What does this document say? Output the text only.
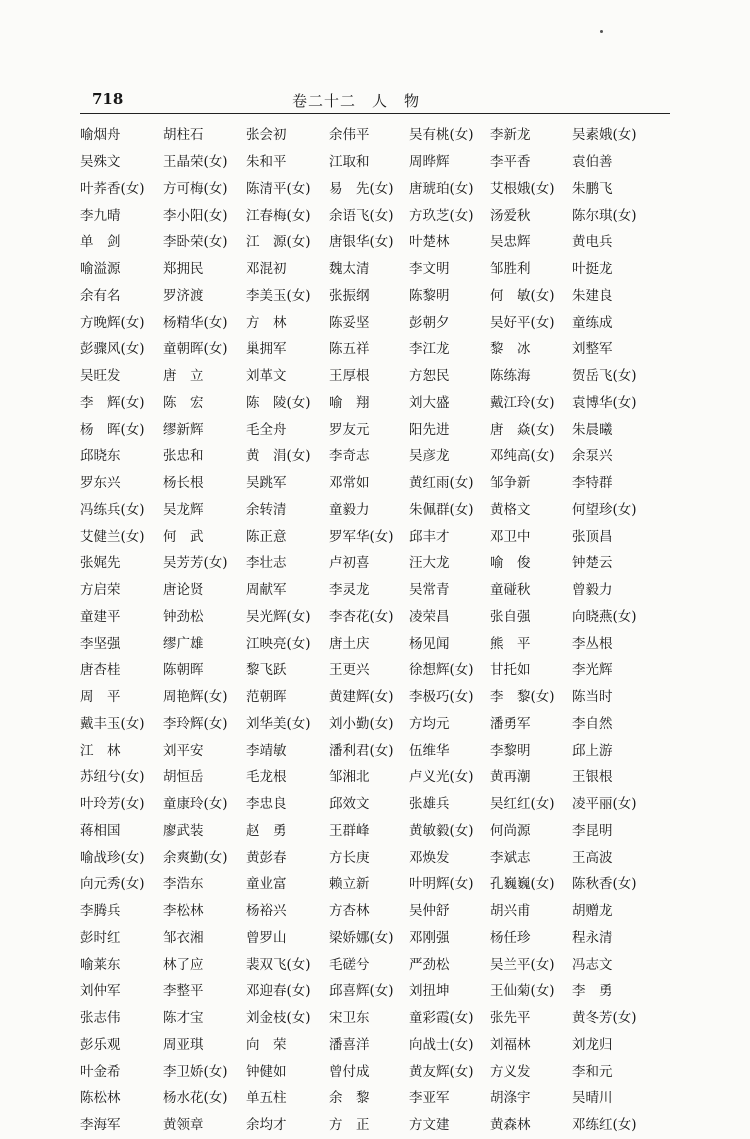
718	卷二十二　人　物
喻烟舟	胡柱石	张会初	余伟平	吴有桃(女)	李新龙	吴素娥(女)
吴殊文	王晶荣(女)	朱和平	江取和	周晔辉	李平香	袁伯善
叶荞香(女)	方可梅(女)	陈清平(女)	易　先(女)	唐琥珀(女)	艾根娥(女)	朱鹏飞
李九晴	李小阳(女)	江春梅(女)	余语飞(女)	方玖芝(女)	汤爱秋	陈尔琪(女)
单　剑	李卧荣(女)	江　源(女)	唐银华(女)	叶楚林	吴忠辉	黄电兵
喻溢源	郑拥民	邓混初	魏太清	李文明	邹胜利	叶挺龙
余有名	罗济渡	李美玉(女)	张振纲	陈黎明	何　敏(女)	朱建良
方晚辉(女)	杨精华(女)	方　林	陈妥坚	彭朝夕	吴好平(女)	童练成
彭骤风(女)	童朝晖(女)	巢拥军	陈五祥	李江龙	黎　冰	刘整军
吴旺发	唐　立	刘革文	王厚根	方恕民	陈练海	贺岳飞(女)
李　辉(女)	陈　宏	陈　陵(女)	喻　翔	刘大盛	戴江玲(女)	袁博华(女)
杨　晖(女)	缪新辉	毛全舟	罗友元	阳先进	唐　焱(女)	朱晨曦
邱晓东	张忠和	黄　涓(女)	李奇志	吴彦龙	邓纯高(女)	余泵兴
罗东兴	杨长根	吴跳军	邓常如	黄红雨(女)	邹争新	李特群
冯练兵(女)	吴龙辉	余转清	童毅力	朱佩群(女)	黄格文	何望珍(女)
艾健兰(女)	何　武	陈正意	罗军华(女)	邱丰才	邓卫中	张顶昌
张娓先	吴芳芳(女)	李壮志	卢初喜	汪大龙	喻　俊	钟楚云
方启荣	唐论贤	周献军	李灵龙	吴常青	童碰秋	曾毅力
童建平	钟劲松	吴光辉(女)	李杏花(女)	凌荣昌	张自强	向晓燕(女)
李坚强	缪广雄	江映亮(女)	唐土庆	杨见闻	熊　平	李丛根
唐杏桂	陈朝晖	黎飞跃	王更兴	徐想辉(女)	甘托如	李光辉
周　平	周艳辉(女)	范朝晖	黄建辉(女)	李极巧(女)	李　黎(女)	陈当时
戴丰玉(女)	李玲辉(女)	刘华美(女)	刘小勤(女)	方均元	潘勇军	李自然
江　林	刘平安	李靖敏	潘利君(女)	伍维华	李黎明	邱上游
苏纽兮(女)	胡恒岳	毛龙根	邹湘北	卢义光(女)	黄再潮	王银根
叶玲芳(女)	童康玲(女)	李忠良	邱效文	张雄兵	吴红红(女)	凌平丽(女)
蒋相国	廖武装	赵　勇	王群峰	黄敏毅(女)	何尚源	李昆明
喻战珍(女)	余爽勤(女)	黄彭春	方长庚	邓焕发	李斌志	王高波
向元秀(女)	李浩东	童业富	赖立新	叶明辉(女)	孔巍巍(女)	陈秋香(女)
李腾兵	李松林	杨裕兴	方杏林	吴仲舒	胡兴甫	胡赠龙
彭时红	邹衣湘	曾罗山	梁娇娜(女)	邓刚强	杨任珍	程永清
喻莱东	林了应	裴双飞(女)	毛磋兮	严劲松	吴兰平(女)	冯志文
刘仲军	李整平	邓迎春(女)	邱喜辉(女)	刘扭坤	王仙菊(女)	李　勇
张志伟	陈才宝	刘金枝(女)	宋卫东	童彩霞(女)	张先平	黄冬芳(女)
彭乐观	周亚琪	向　荣	潘喜洋	向战士(女)	刘福林	刘龙归
叶金希	李卫娇(女)	钟健如	曾付成	黄友辉(女)	方义发	李和元
陈松林	杨水花(女)	单五柱	余　黎	李亚军	胡涤宇	吴晴川
李海军	黄领章	余均才	方　正	方文建	黄森林	邓练红(女)
